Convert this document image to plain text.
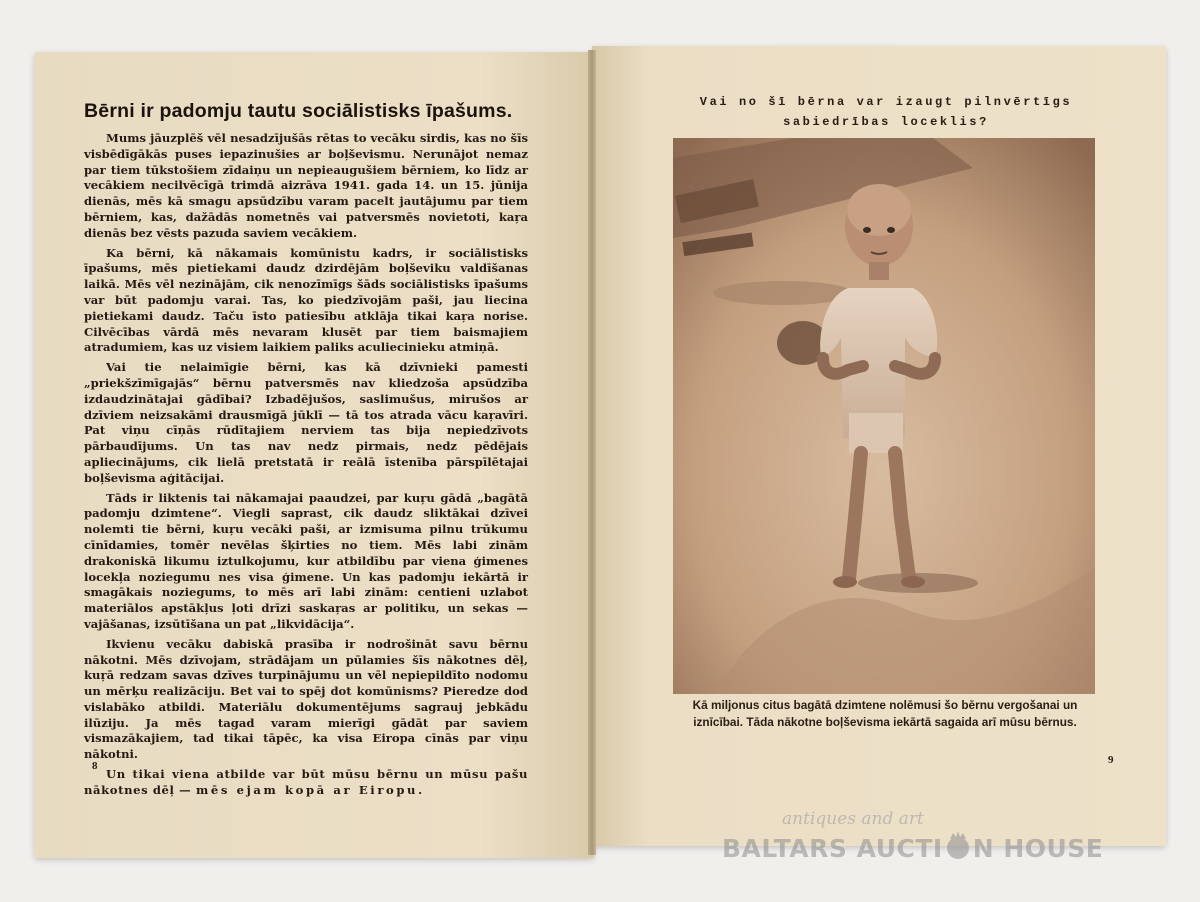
Bērni ir padomju tautu sociālistisks īpašums.

Mums jāuzplēš vēl nesadzījušās rētas to vecāku sirdis, kas no šīs visbēdīgākās puses iepazinušies ar boļševismu. Nerunājot nemaz par tiem tūkstošiem zīdaiņu un nepieaugušiem bērniem, ko līdz ar vecākiem necilvēcīgā trimdā aizrāva 1941. gada 14. un 15. jūnija dienās, mēs kā smagu apsūdzību varam pacelt jautājumu par tiem bērniem, kas, dažādās nometnēs vai patversmēs novietoti, kaŗa dienās bez vēsts pazuda saviem vecākiem.

Ka bērni, kā nākamais komūnistu kadrs, ir sociālistisks īpašums, mēs pietiekami daudz dzirdējām boļševiku valdīšanas laikā. Mēs vēl nezinājām, cik nenozīmīgs šāds sociālistisks īpašums var būt padomju varai. Tas, ko piedzīvojām paši, jau liecina pietiekami daudz. Taču īsto patiesību atklāja tikai kaŗa norise. Cilvēcības vārdā mēs nevaram klusēt par tiem baismajiem atradumiem, kas uz visiem laikiem paliks aculiecinieku atmiņā.

Vai tie nelaimīgie bērni, kas kā dzīvnieki pamesti „priekšzīmīgajās“ bērnu patversmēs nav kliedzoša apsūdzība izdaudzinātajai gādībai? Izbadējušos, saslimušus, mirušos ar dzīviem neizsakāmi drausmīgā jūklī — tā tos atrada vācu kaŗavīri. Pat viņu cīņās rūdītajiem nerviem tas bija nepiedzīvots pārbaudījums. Un tas nav nedz pirmais, nedz pēdējais apliecinājums, cik lielā pretstatā ir reālā īstenība pārspīlētajai boļševisma aģitācijai.

Tāds ir liktenis tai nākamajai paaudzei, par kuŗu gādā „bagātā padomju dzimtene“. Viegli saprast, cik daudz sliktākai dzīvei nolemti tie bērni, kuŗu vecāki paši, ar izmisuma pilnu trūkumu cīnīdamies, tomēr nevēlas šķirties no tiem. Mēs labi zinām drakoniskā likumu iztulkojumu, kur atbildību par viena ģimenes locekļa noziegumu nes visa ģimene. Un kas padomju iekārtā ir smagākais noziegums, to mēs arī labi zinām: centieni uzlabot materiālos apstākļus ļoti drīzi saskaŗas ar politiku, un sekas — vajāšanas, izsūtīšana un pat „likvidācija“.

Ikvienu vecāku dabiskā prasība ir nodrošināt savu bērnu nākotni. Mēs dzīvojam, strādājam un pūlamies šīs nākotnes dēļ, kuŗā redzam savas dzīves turpinājumu un vēl nepiepildīto nodomu un mērķu realizāciju. Bet vai to spēj dot komūnisms? Pieredze dod vislabāko atbildi. Materiālu dokumentējums sagrauj jebkādu ilūziju. Ja mēs tagad varam mierīgi gādāt par saviem vismazākajiem, tad tikai tāpēc, ka visa Eiropa cīnās par viņu nākotni.

Un tikai viena atbilde var būt mūsu bērnu un mūsu pašu nākotnes dēļ — mēs ejam kopā ar Eiropu.

8

Vai no šī bērna var izaugt pilnvērtīgs sabiedrības loceklis?

Kā miljonus citus bagātā dzimtene nolēmusi šo bērnu vergošanai un iznīcībai. Tāda nākotne boļševisma iekārtā sagaida arī mūsu bērnus.

9
antiques and art
BALTARS AUCTI N HOUSE
